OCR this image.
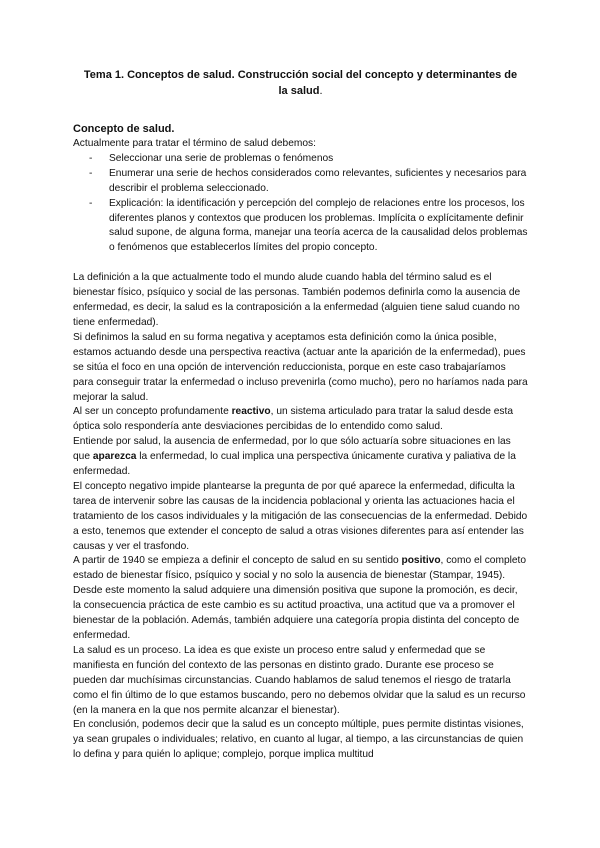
Tema 1. Conceptos de salud. Construcción social del concepto y determinantes de la salud.
Concepto de salud.

Actualmente para tratar el término de salud debemos:

- Seleccionar una serie de problemas o fenómenos
- Enumerar una serie de hechos considerados como relevantes, suficientes y necesarios para describir el problema seleccionado.
- Explicación: la identificación y percepción del complejo de relaciones entre los procesos, los diferentes planos y contextos que producen los problemas. Implícita o explícitamente definir salud supone, de alguna forma, manejar una teoría acerca de la causalidad delos problemas o fenómenos que establecerlos límites del propio concepto.

La definición a la que actualmente todo el mundo alude cuando habla del término salud es el bienestar físico, psíquico y social de las personas. También podemos definirla como la ausencia de enfermedad, es decir, la salud es la contraposición a la enfermedad (alguien tiene salud cuando no tiene enfermedad).

Si definimos la salud en su forma negativa y aceptamos esta definición como la única posible, estamos actuando desde una perspectiva reactiva (actuar ante la aparición de la enfermedad), pues se sitúa el foco en una opción de intervención reduccionista, porque en este caso trabajaríamos para conseguir tratar la enfermedad o incluso prevenirla (como mucho), pero no haríamos nada para mejorar la salud.

Al ser un concepto profundamente reactivo, un sistema articulado para tratar la salud desde esta óptica solo respondería ante desviaciones percibidas de lo entendido como salud.

Entiende por salud, la ausencia de enfermedad, por lo que sólo actuaría sobre situaciones en las que aparezca la enfermedad, lo cual implica una perspectiva únicamente curativa y paliativa de la enfermedad.

El concepto negativo impide plantearse la pregunta de por qué aparece la enfermedad, dificulta la tarea de intervenir sobre las causas de la incidencia poblacional y orienta las actuaciones hacia el tratamiento de los casos individuales y la mitigación de las consecuencias de la enfermedad. Debido a esto, tenemos que extender el concepto de salud a otras visiones diferentes para así entender las causas y ver el trasfondo.

A partir de 1940 se empieza a definir el concepto de salud en su sentido positivo, como el completo estado de bienestar físico, psíquico y social y no solo la ausencia de bienestar (Stampar, 1945). Desde este momento la salud adquiere una dimensión positiva que supone la promoción, es decir, la consecuencia práctica de este cambio es su actitud proactiva, una actitud que va a promover el bienestar de la población. Además, también adquiere una categoría propia distinta del concepto de enfermedad.

La salud es un proceso. La idea es que existe un proceso entre salud y enfermedad que se manifiesta en función del contexto de las personas en distinto grado. Durante ese proceso se pueden dar muchísimas circunstancias. Cuando hablamos de salud tenemos el riesgo de tratarla como el fin último de lo que estamos buscando, pero no debemos olvidar que la salud es un recurso (en la manera en la que nos permite alcanzar el bienestar).

En conclusión, podemos decir que la salud es un concepto múltiple, pues permite distintas visiones, ya sean grupales o individuales; relativo, en cuanto al lugar, al tiempo, a las circunstancias de quien lo defina y para quién lo aplique; complejo, porque implica multitud
